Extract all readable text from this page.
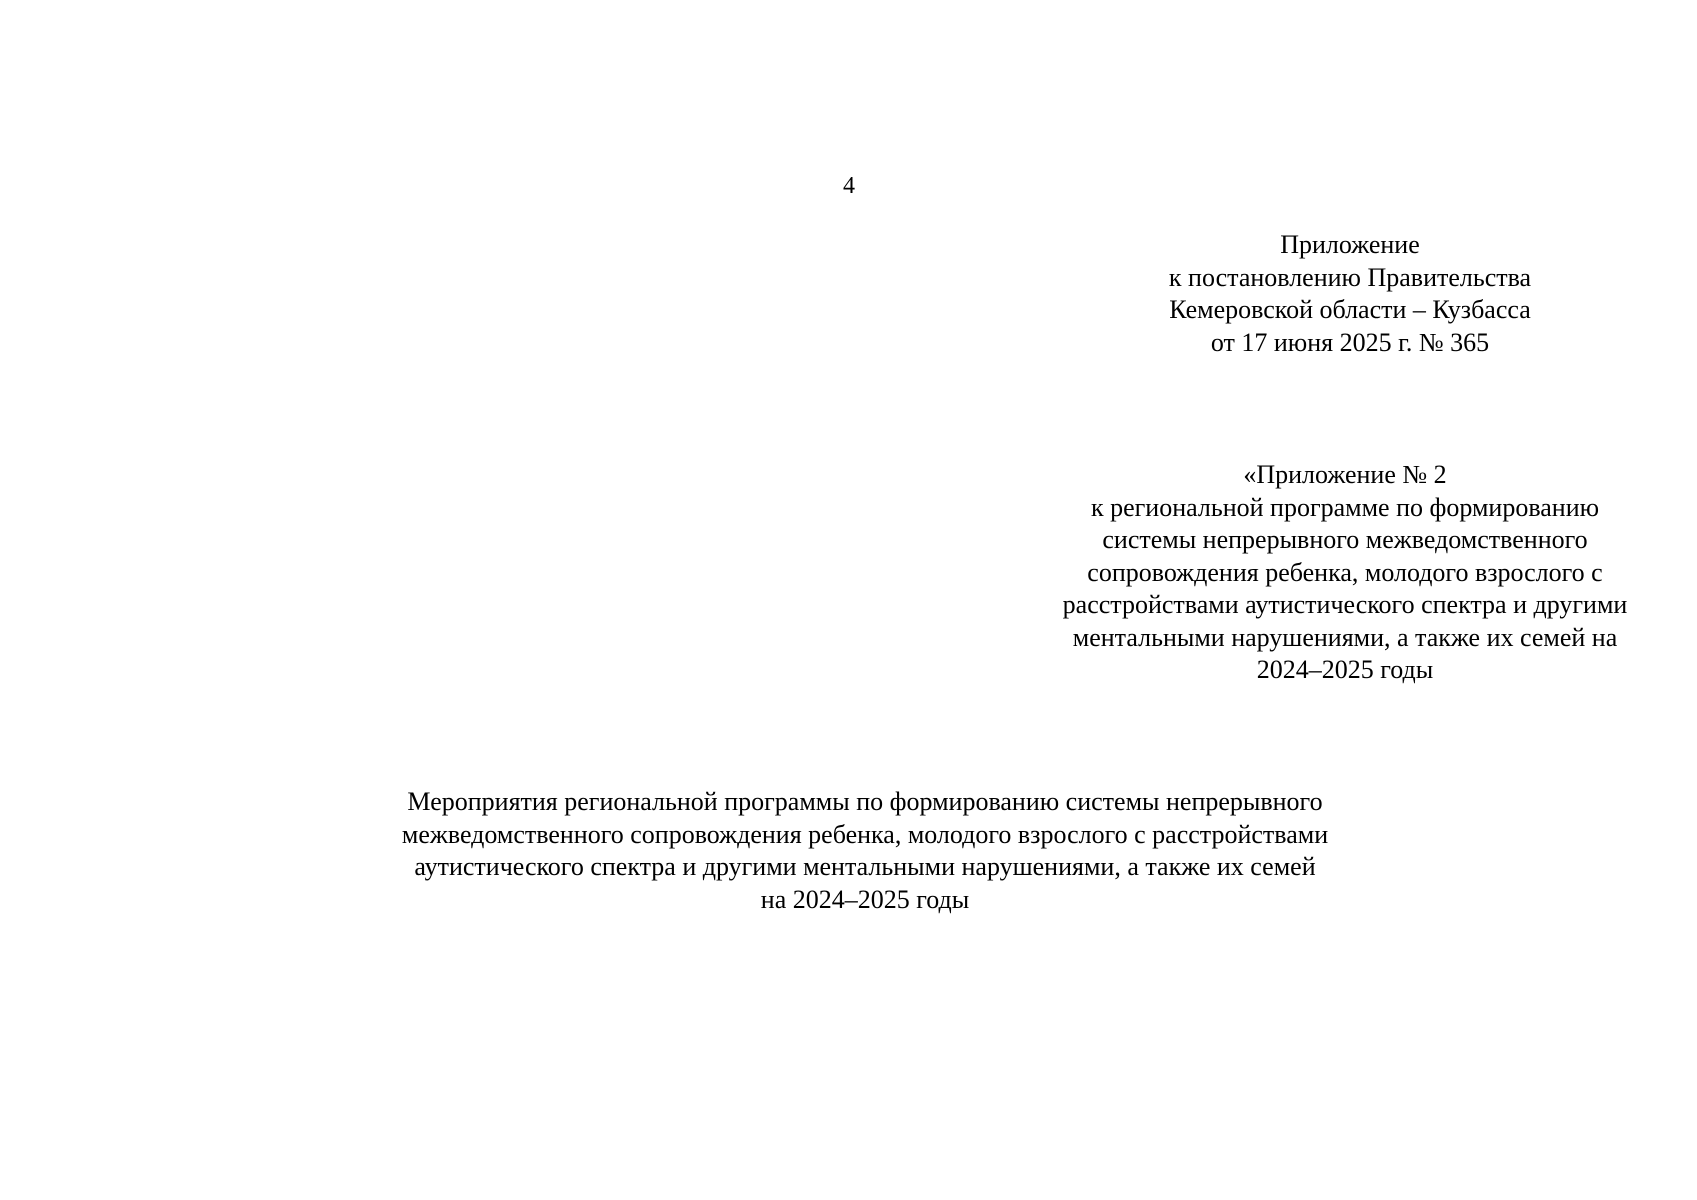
4
Приложение
к постановлению Правительства
Кемеровской области – Кузбасса
от 17 июня 2025 г. № 365
«Приложение № 2
к региональной программе по формированию
системы непрерывного межведомственного
сопровождения ребенка, молодого взрослого с
расстройствами аутистического спектра и другими
ментальными нарушениями, а также их семей на
2024–2025 годы
Мероприятия региональной программы по формированию системы непрерывного
межведомственного сопровождения ребенка, молодого взрослого с расстройствами
аутистического спектра и другими ментальными нарушениями, а также их семей
на 2024–2025 годы
